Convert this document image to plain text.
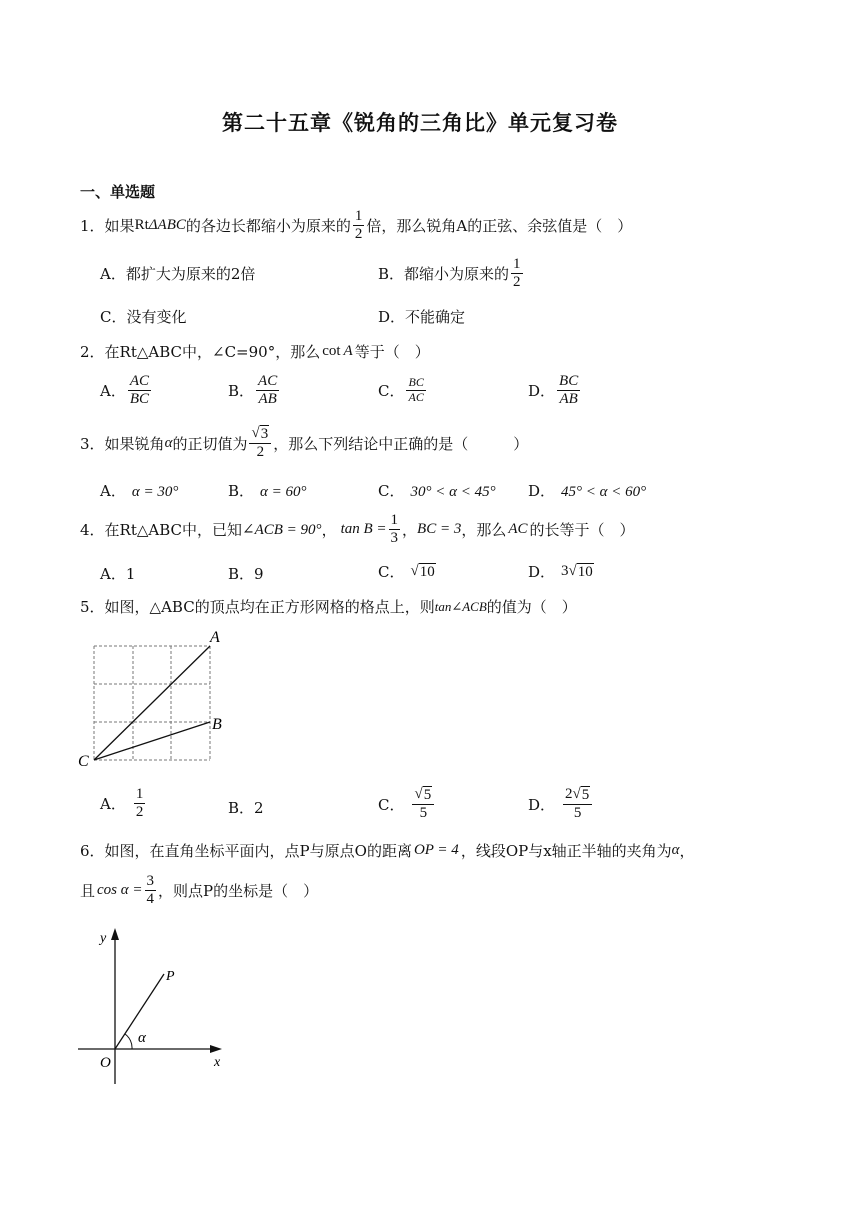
第二十五章《锐角的三角比》单元复习卷
一、单选题
1． 如果 Rt ΔABC 的各边长都缩小为原来的 $\frac{1}{2}$ 倍，那么锐角A的正弦、余弦值是（　）
A．都扩大为原来的2倍	B．都缩小为原来的 $\frac{1}{2}$
C．没有变化	D．不能确定
2． 在Rt△ABC中，∠C=90°，那么 cot A 等于（　）
A． $\frac{AC}{BC}$	B． $\frac{AC}{AB}$	C． $\frac{BC}{AC}$	D． $\frac{BC}{AB}$
3． 如果锐角 α 的正切值为 $\frac{√ 3}{2}$ ，那么下列结论中正确的是（　　　）
A． α = 30°	B． α = 60°	C． 30° < α < 45° D． 45° < α < 60°
4． 在Rt△ABC中，已知 ∠ACB = 90° ， $\tan B = \frac{1}{3}$ ， BC = 3 ，那么 AC 的长等于（　）
A．1	B．9	C． √ 10	D． 3 √ 10
5． 如图，△ABC的顶点均在正方形网格的格点上，则 tan∠ACB 的值为（　）
A
B
C
A． $\frac{1}{2}$	B．2	C． $\frac{√ 5}{5}$	D． $\frac{2 √ 5}{5}$
6． 如图，在直角坐标平面内，点P与原点O的距离 OP = 4 ，线段OP与x轴正半轴的夹角为 α ，
且 $\cos \alpha = \frac{3}{4}$ ，则点P的坐标是（　）
y
x
O
P
α
